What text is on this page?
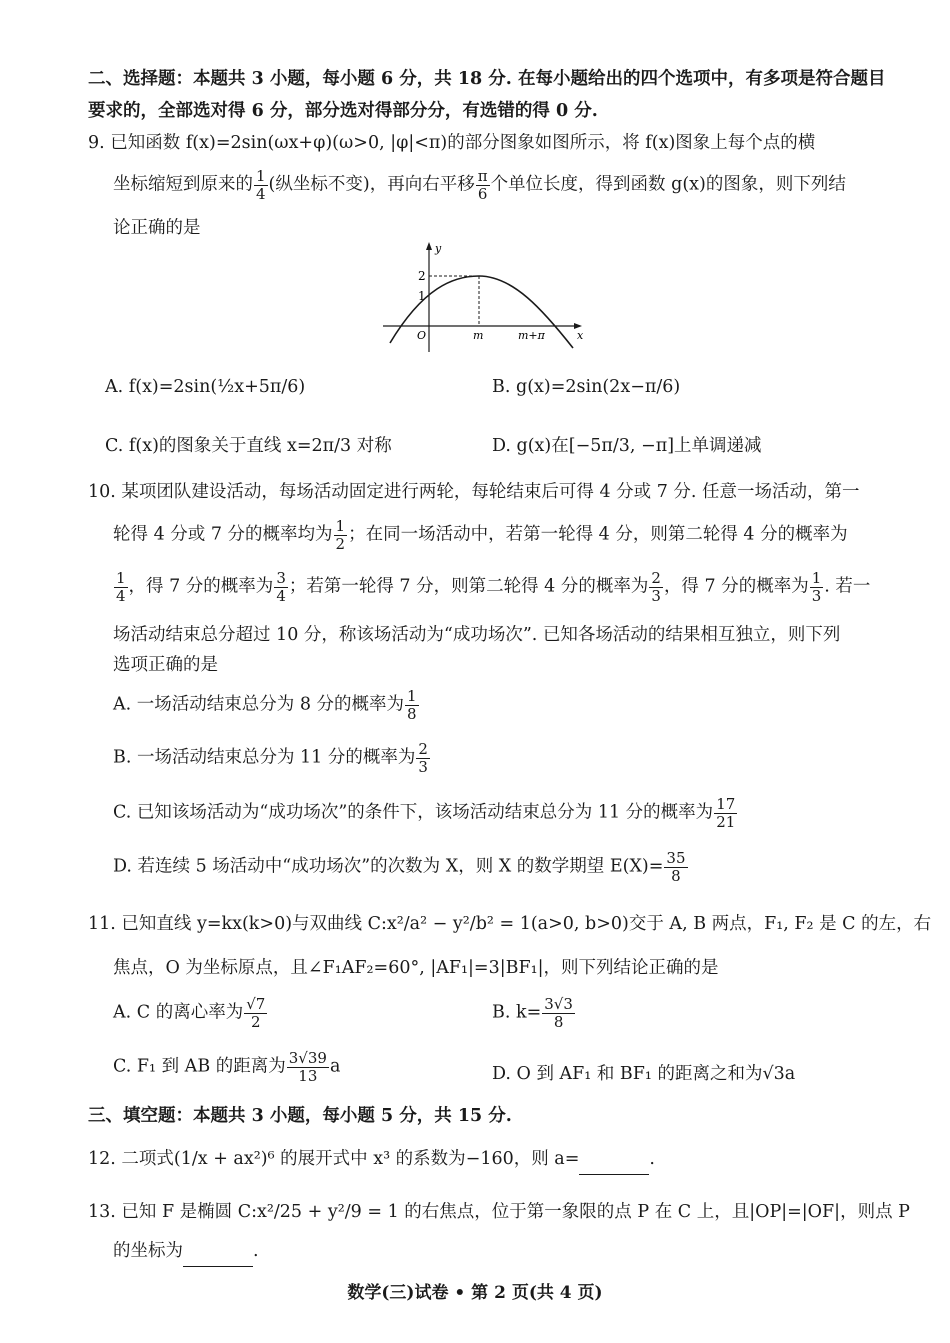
二、选择题：本题共 3 小题，每小题 6 分，共 18 分. 在每小题给出的四个选项中，有多项是符合题目
要求的，全部选对得 6 分，部分选对得部分分，有选错的得 0 分.
9. 已知函数 f(x)=2sin(ωx+φ)(ω>0, |φ|<π)的部分图象如图所示，将 f(x)图象上每个点的横
坐标缩短到原来的 $\frac{1}{4}$ (纵坐标不变)，再向右平移 $\frac{\pi}{6}$ 个单位长度，得到函数 g(x)的图象，则下列结
论正确的是
y
x
2
1
O	m	m+π
A. f(x)=2sin(½x+5π/6)	B. g(x)=2sin(2x−π/6)
C. f(x)的图象关于直线 x=2π/3 对称	D. g(x)在[−5π/3, −π]上单调递减
10. 某项团队建设活动，每场活动固定进行两轮，每轮结束后可得 4 分或 7 分. 任意一场活动，第一
轮得 4 分或 7 分的概率均为 $\frac{1}{2}$ ；在同一场活动中，若第一轮得 4 分，则第二轮得 4 分的概率为
$\frac{1}{4}$ ，得 7 分的概率为 $\frac{3}{4}$ ；若第一轮得 7 分，则第二轮得 4 分的概率为 $\frac{2}{3}$ ，得 7 分的概率为 $\frac{1}{3}$ . 若一
场活动结束总分超过 10 分，称该场活动为“成功场次”. 已知各场活动的结果相互独立，则下列
选项正确的是
A. 一场活动结束总分为 8 分的概率为 $\frac{1}{8}$
B. 一场活动结束总分为 11 分的概率为 $\frac{2}{3}$
C. 已知该场活动为“成功场次”的条件下，该场活动结束总分为 11 分的概率为 $\frac{17}{21}$
D. 若连续 5 场活动中“成功场次”的次数为 X，则 X 的数学期望 $E(X)= \frac{35}{8}$
11. 已知直线 y=kx(k>0)与双曲线 C:x²/a² − y²/b² = 1(a>0, b>0)交于 A, B 两点，F₁, F₂ 是 C 的左，右
焦点，O 为坐标原点，且∠F₁AF₂=60°, |AF₁|=3|BF₁|，则下列结论正确的是
A. C 的离心率为 $\frac{√7}{2}$	B. $k= \frac{3√3}{8}$
C. F₁ 到 AB 的距离为 $\frac{3√39}{13}$ a	D. O 到 AF₁ 和 BF₁ 的距离之和为√3a
三、填空题：本题共 3 小题，每小题 5 分，共 15 分.
12. 二项式(1/x + ax²)⁶ 的展开式中 x³ 的系数为−160，则 a=	.
13. 已知 F 是椭圆 C:x²/25 + y²/9 = 1 的右焦点，位于第一象限的点 P 在 C 上，且|OP|=|OF|，则点 P
的坐标为	.
数学(三)试卷 • 第 2 页(共 4 页)
